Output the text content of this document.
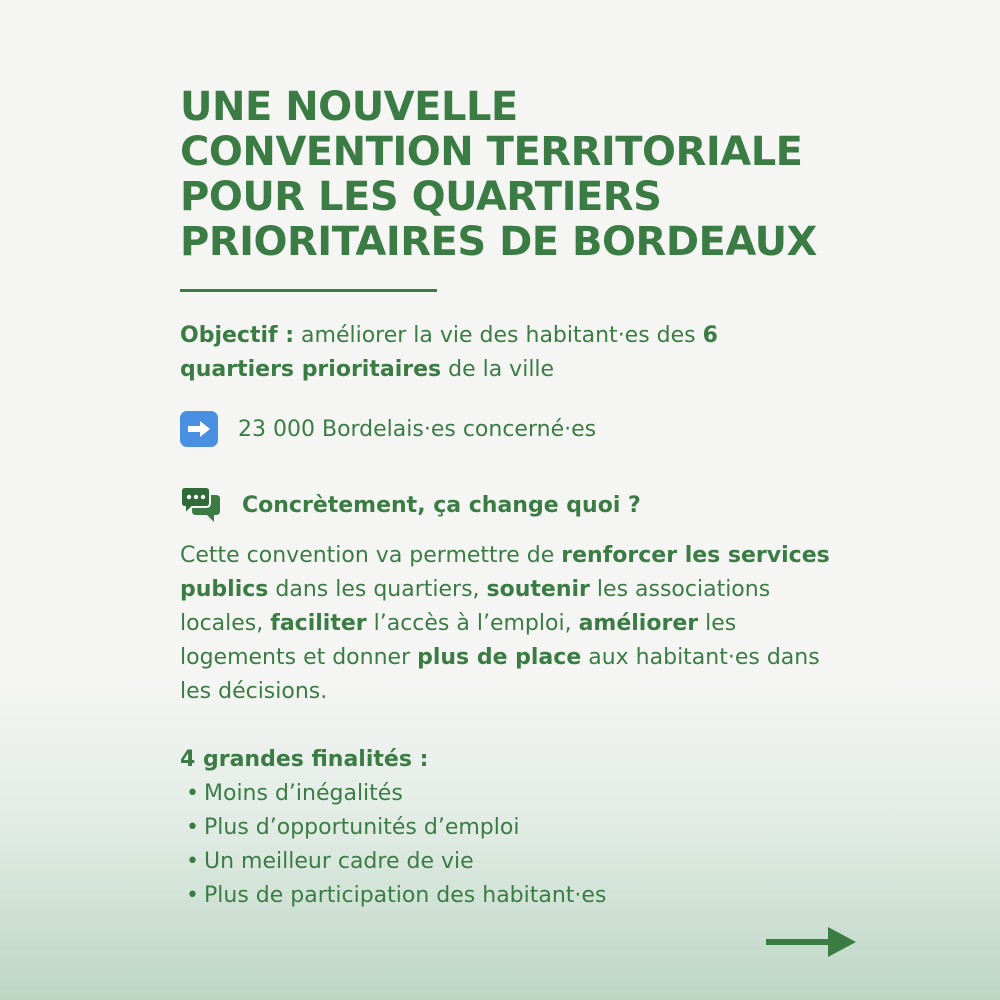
UNE NOUVELLE
CONVENTION TERRITORIALE
POUR LES QUARTIERS
PRIORITAIRES DE BORDEAUX
Objectif : améliorer la vie des habitant·es des 6 quartiers prioritaires de la ville
23 000 Bordelais·es concerné·es
Concrètement, ça change quoi ?
Cette convention va permettre de renforcer les services publics dans les quartiers, soutenir les associations locales, faciliter l’accès à l’emploi, améliorer les logements et donner plus de place aux habitant·es dans les décisions.
4 grandes finalités :
• Moins d’inégalités
• Plus d’opportunités d’emploi
• Un meilleur cadre de vie
• Plus de participation des habitant·es
